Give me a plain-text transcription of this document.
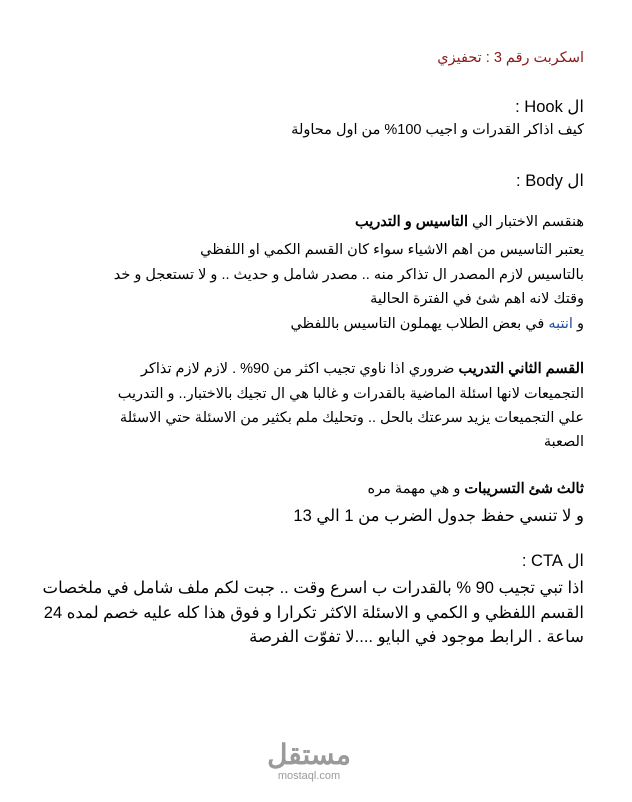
اسكربت رقم 3 : تحفيزي
ال Hook :
كيف اذاكر القدرات و اجيب 100% من اول محاولة
ال Body :
هنقسم الاختبار الي التاسيس و التدريب
يعتبر التاسيس من اهم الاشياء سواء كان القسم الكمي او اللفظي
بالتاسيس لازم المصدر ال تذاكر منه .. مصدر شامل و حديث .. و لا تستعجل و خد
وقتك لانه اهم شئ في الفترة الحالية
و انتبه في بعض الطلاب يهملون التاسيس باللفظي
القسم الثاني التدريب ضروري اذا ناوي تجيب اكثر من 90% . لازم لازم تذاكر
التجميعات لانها اسئلة الماضية بالقدرات و غالبا هي ال تجيك بالاختبار.. و التدريب
علي التجميعات يزيد سرعتك بالحل .. وتحليك ملم بكثير من الاسئلة حتي الاسئلة
الصعبة
ثالث شئ التسريبات و هي مهمة مره
و لا تنسي حفظ جدول الضرب من 1 الي 13
ال CTA :
اذا تبي تجيب 90 % بالقدرات ب اسرع وقت .. جبت لكم ملف شامل في ملخصات
القسم اللفظي و الكمي و الاسئلة الاكثر تكرارا و فوق هذا كله عليه خصم لمده 24
ساعة . الرابط موجود في البايو ....لا تفوّت الفرصة
مستقل
mostaql.com
